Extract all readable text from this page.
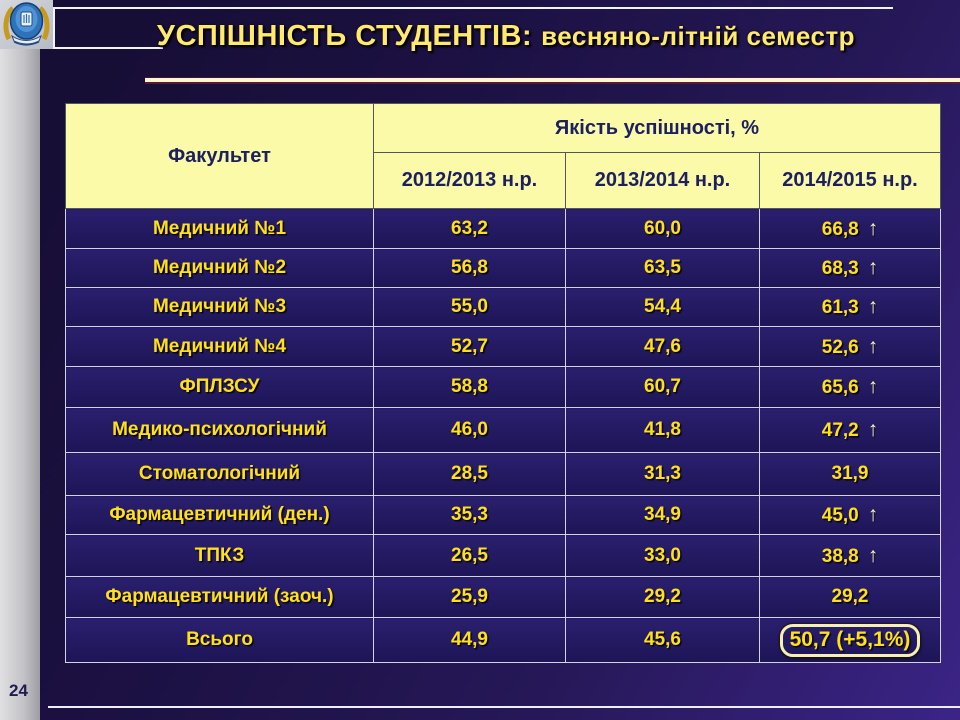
УСПІШНІСТЬ СТУДЕНТІВ: весняно-літній семестр
Факультет	Якість успішності, %		
	2012/2013 н.р.	2013/2014 н.р.	2014/2015 н.р.
Медичний №1	63,2	60,0	66,8 ↑
Медичний №2	56,8	63,5	68,3 ↑
Медичний №3	55,0	54,4	61,3 ↑
Медичний №4	52,7	47,6	52,6 ↑
ФПЛЗСУ	58,8	60,7	65,6 ↑
Медико-психологічний	46,0	41,8	47,2 ↑
Стоматологічний	28,5	31,3	31,9
Фармацевтичний (ден.)	35,3	34,9	45,0 ↑
ТПКЗ	26,5	33,0	38,8 ↑
Фармацевтичний (заоч.)	25,9	29,2	29,2
Всього	44,9	45,6	50,7 (+5,1%)
24
